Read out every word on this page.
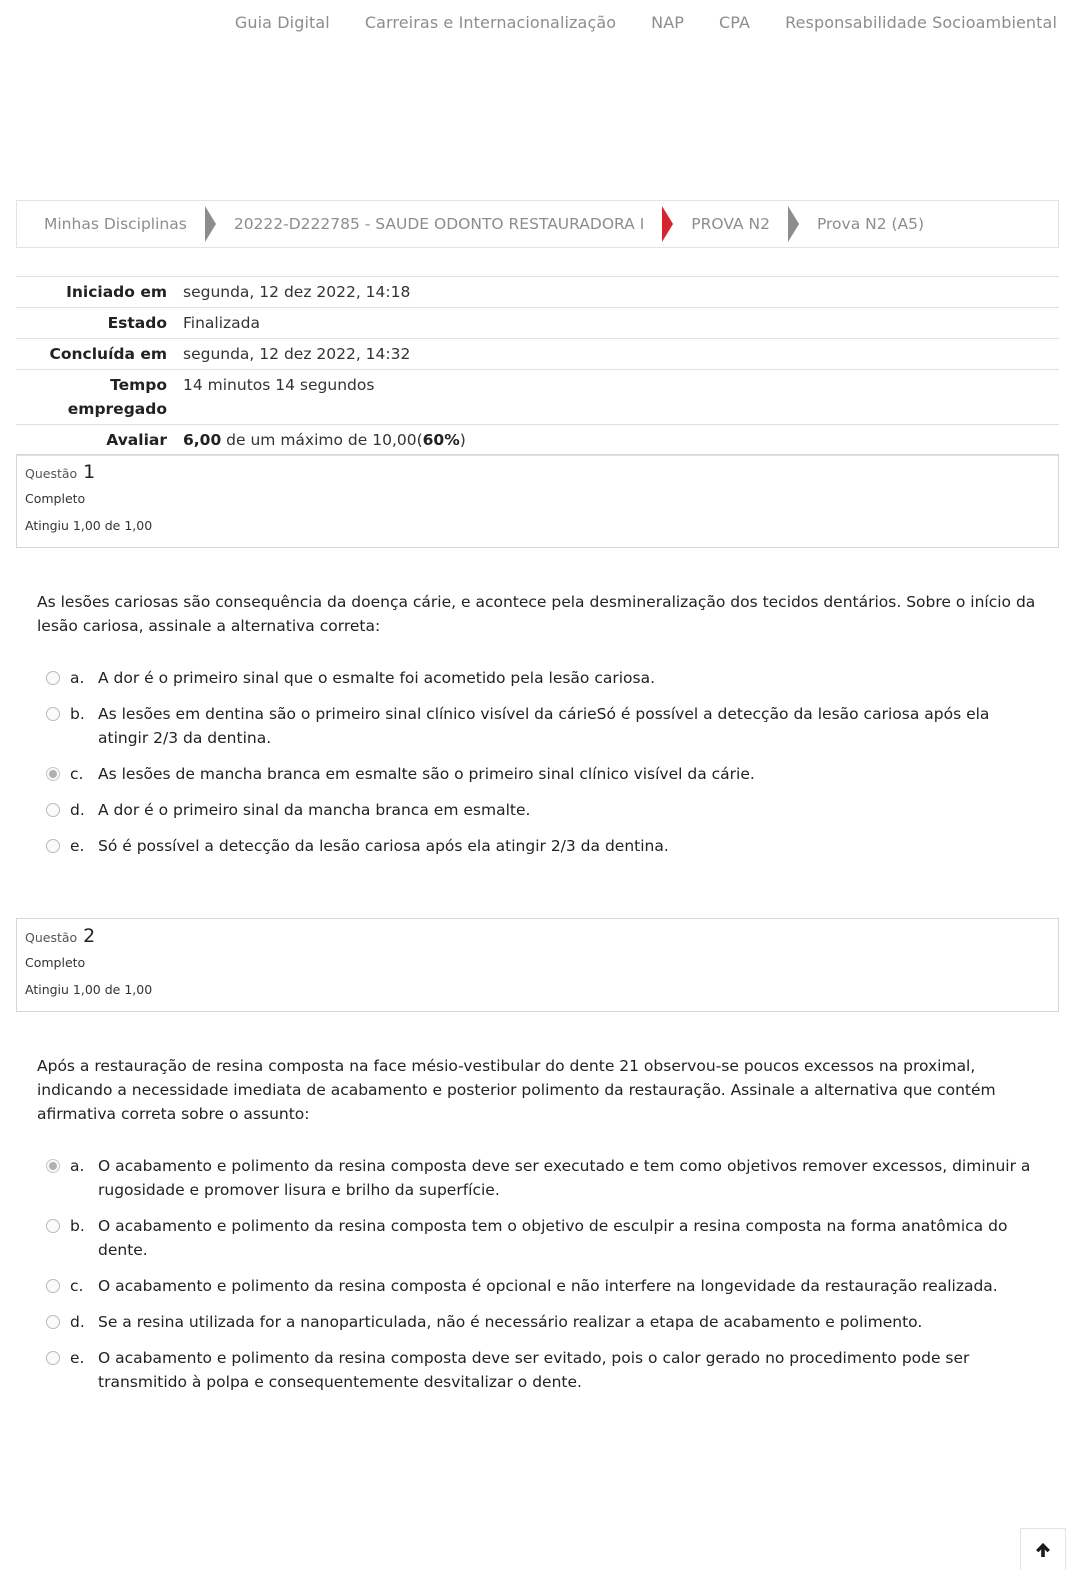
Guia Digital Carreiras e Internacionalização NAP CPA Responsabilidade Socioambiental
Minhas Disciplinas	20222-D222785 - SAUDE ODONTO RESTAURADORA I	PROVA N2	Prova N2 (A5)
Iniciado em	segunda, 12 dez 2022, 14:18
Estado	Finalizada
Concluída em	segunda, 12 dez 2022, 14:32
Tempo
empregado	14 minutos 14 segundos
Avaliar	6,00 de um máximo de 10,00(60%)
Questão 1
Completo
Atingiu 1,00 de 1,00
As lesões cariosas são consequência da doença cárie, e acontece pela desmineralização dos tecidos dentários. Sobre o início da lesão cariosa, assinale a alternativa correta:
a. A dor é o primeiro sinal que o esmalte foi acometido pela lesão cariosa.
b. As lesões em dentina são o primeiro sinal clínico visível da cárieSó é possível a detecção da lesão cariosa após ela atingir 2/3 da dentina.
c. As lesões de mancha branca em esmalte são o primeiro sinal clínico visível da cárie.
d. A dor é o primeiro sinal da mancha branca em esmalte.
e. Só é possível a detecção da lesão cariosa após ela atingir 2/3 da dentina.
Questão 2
Completo
Atingiu 1,00 de 1,00
Após a restauração de resina composta na face mésio-vestibular do dente 21 observou-se poucos excessos na proximal, indicando a necessidade imediata de acabamento e posterior polimento da restauração. Assinale a alternativa que contém afirmativa correta sobre o assunto:
a. O acabamento e polimento da resina composta deve ser executado e tem como objetivos remover excessos, diminuir a rugosidade e promover lisura e brilho da superfície.
b. O acabamento e polimento da resina composta tem o objetivo de esculpir a resina composta na forma anatômica do dente.
c. O acabamento e polimento da resina composta é opcional e não interfere na longevidade da restauração realizada.
d. Se a resina utilizada for a nanoparticulada, não é necessário realizar a etapa de acabamento e polimento.
e. O acabamento e polimento da resina composta deve ser evitado, pois o calor gerado no procedimento pode ser transmitido à polpa e consequentemente desvitalizar o dente.
